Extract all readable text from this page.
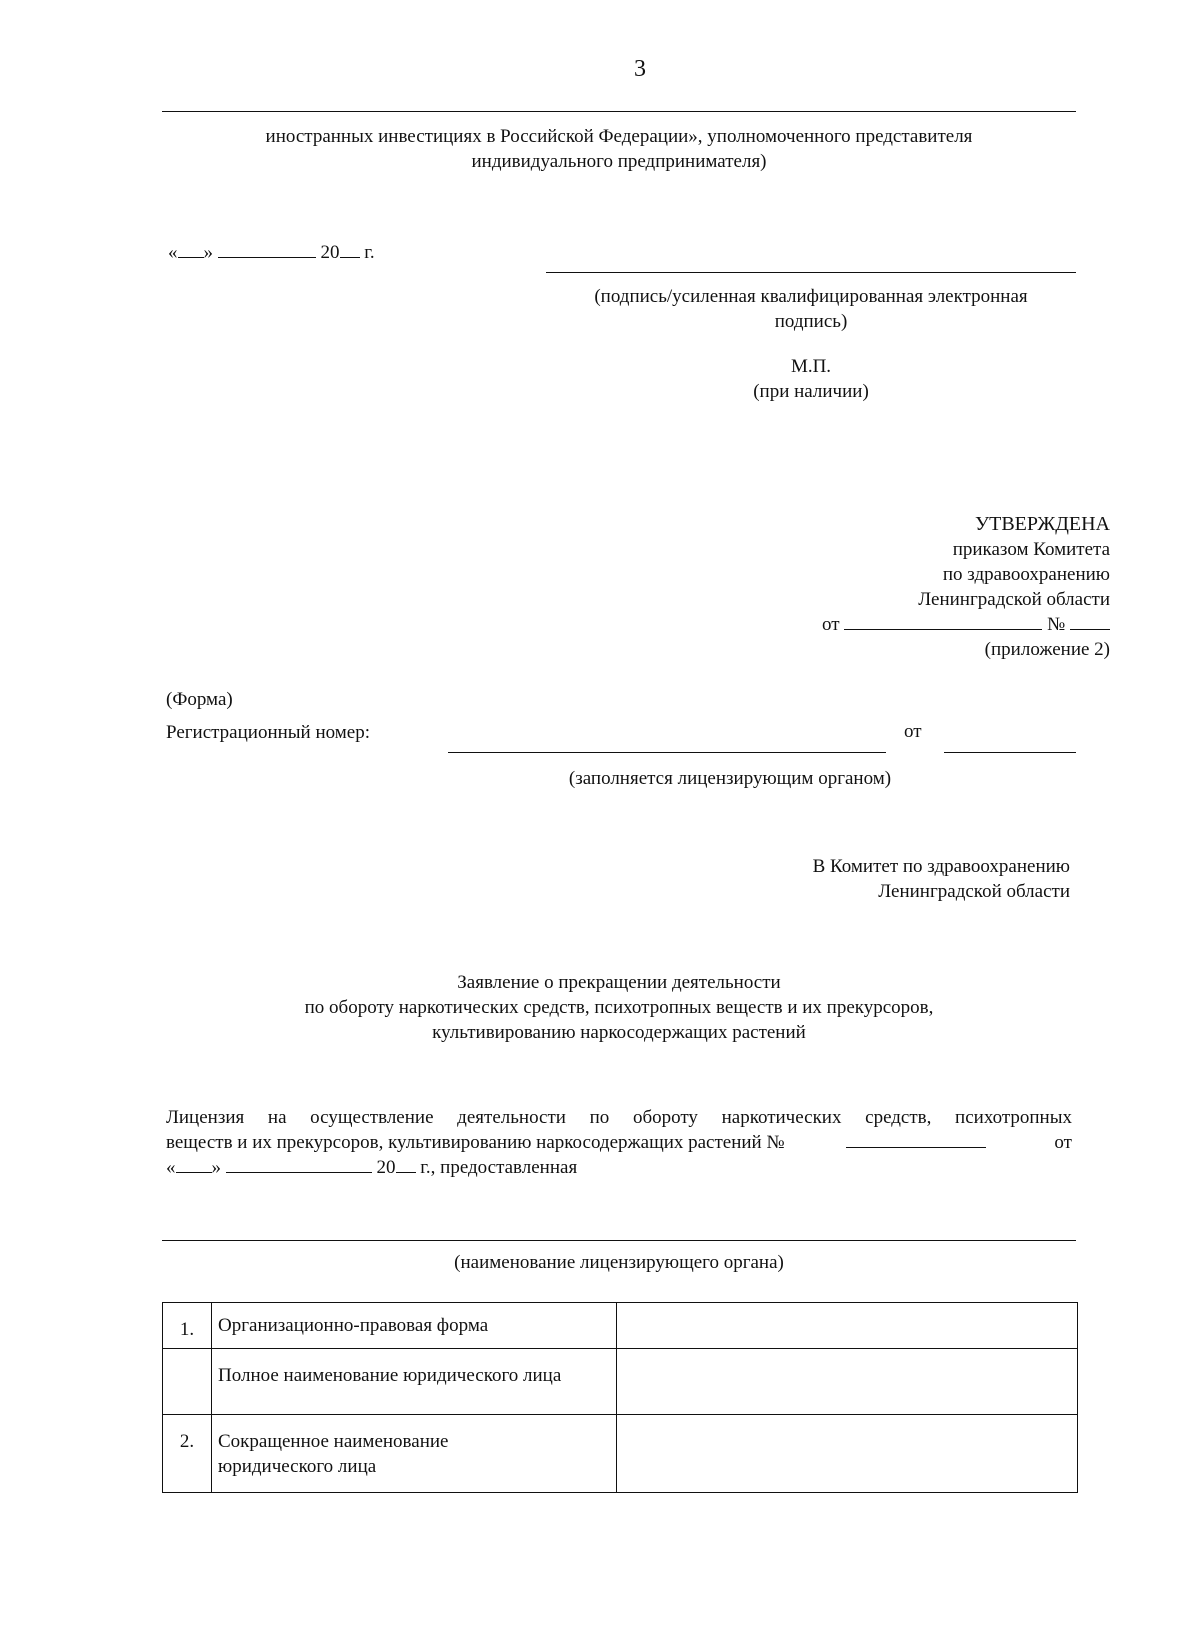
3
иностранных инвестициях в Российской Федерации», уполномоченного представителя
индивидуального предпринимателя)
« »	20 г.
(подпись/усиленная квалифицированная электронная
подпись)
М.П.
(при наличии)
УТВЕРЖДЕНА
приказом Комитета
по здравоохранению
Ленинградской области
от	№
(приложение 2)
(Форма)
Регистрационный номер:	от
(заполняется лицензирующим органом)
В Комитет по здравоохранению
Ленинградской области
Заявление о прекращении деятельности
по обороту наркотических средств, психотропных веществ и их прекурсоров,
культивированию наркосодержащих растений
Лицензия на осуществление деятельности по обороту наркотических средств, психотропных
веществ и их прекурсоров, культивированию наркосодержащих растений №	от
« »	20 г., предоставленная
(наименование лицензирующего органа)
1.	Организационно-правовая форма	

	Полное наименование юридического лица	

2.	Сокращенное наименование юридического лица	
